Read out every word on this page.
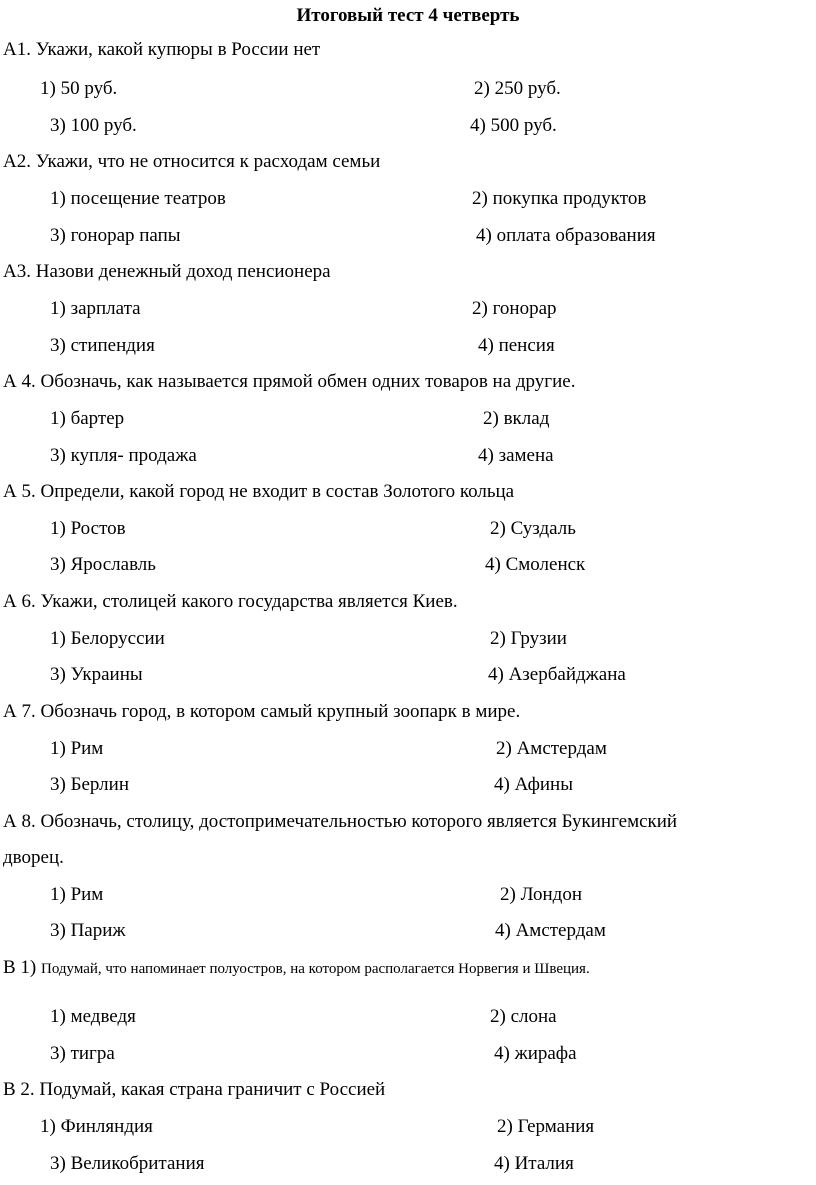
Итоговый тест 4 четверть
А1. Укажи, какой купюры в России нет
1) 50 руб.	2) 250 руб.
3) 100 руб.	4) 500 руб.
А2. Укажи, что не относится к расходам семьи
1) посещение театров	2) покупка продуктов
3) гонорар папы	4) оплата образования
А3. Назови денежный доход пенсионера
1) зарплата	2) гонорар
3) стипендия	4) пенсия
А 4. Обозначь, как называется прямой обмен одних товаров на другие.
1) бартер	2) вклад
3) купля- продажа	4) замена
А 5. Определи, какой город не входит в состав Золотого кольца
1) Ростов	2) Суздаль
3) Ярославль	4) Смоленск
А 6. Укажи, столицей какого государства является Киев.
1) Белоруссии	2) Грузии
3) Украины	4) Азербайджана
А 7. Обозначь город, в котором самый крупный зоопарк в мире.
1) Рим	2) Амстердам
3) Берлин	4) Афины
А 8. Обозначь, столицу, достопримечательностью которого является Букингемский
дворец.
1) Рим	2) Лондон
3) Париж	4) Амстердам
В 1) Подумай, что напоминает полуостров, на котором располагается Норвегия и Швеция.
1) медведя	2) слона
3) тигра	4) жирафа
В 2. Подумай, какая страна граничит с Россией
1) Финляндия	2) Германия
3) Великобритания	4) Италия
